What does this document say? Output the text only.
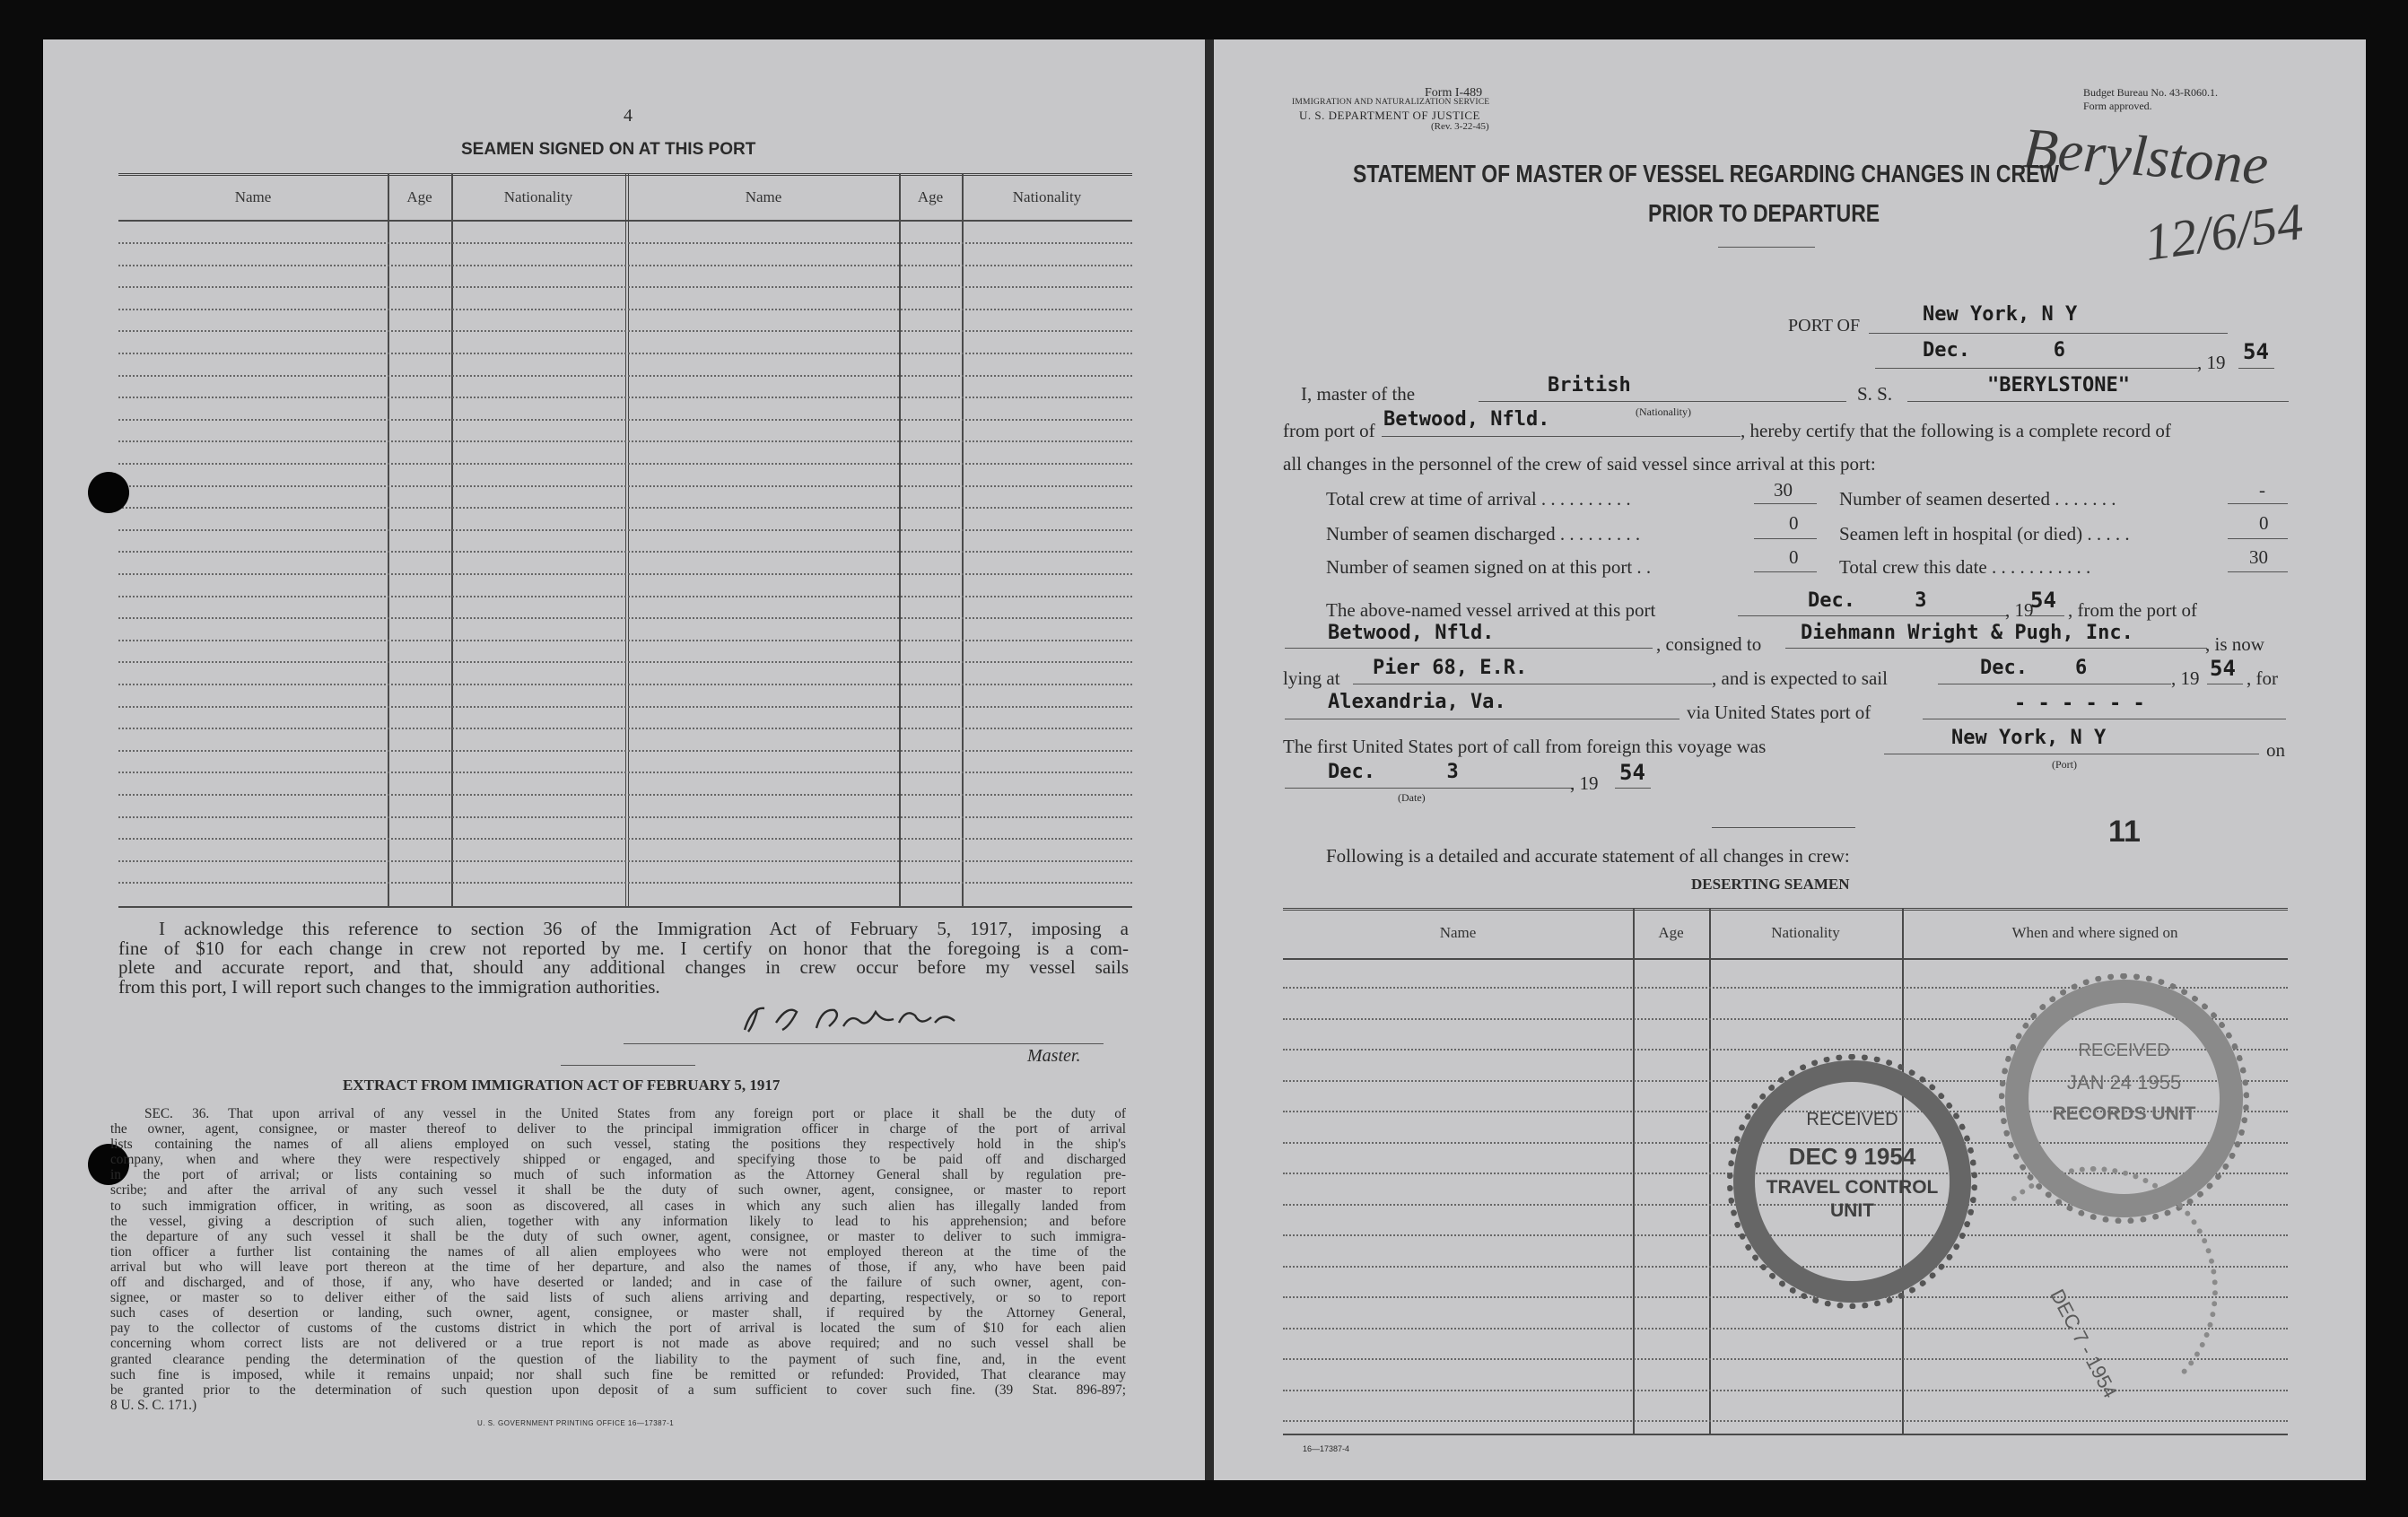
4
SEAMEN SIGNED ON AT THIS PORT
Name	Age	Nationality	Name	Age	Nationality
I acknowledge this reference to section 36 of the Immigration Act of February 5, 1917, imposing a
fine of $10 for each change in crew not reported by me. I certify on honor that the foregoing is a com-
plete and accurate report, and that, should any additional changes in crew occur before my vessel sails
from this port, I will report such changes to the immigration authorities.
Master.
EXTRACT FROM IMMIGRATION ACT OF FEBRUARY 5, 1917
SEC. 36. That upon arrival of any vessel in the United States from any foreign port or place it shall be the duty of
the owner, agent, consignee, or master thereof to deliver to the principal immigration officer in charge of the port of arrival
lists containing the names of all aliens employed on such vessel, stating the positions they respectively hold in the ship's
company, when and where they were respectively shipped or engaged, and specifying those to be paid off and discharged
in the port of arrival; or lists containing so much of such information as the Attorney General shall by regulation pre-
scribe; and after the arrival of any such vessel it shall be the duty of such owner, agent, consignee, or master to report
to such immigration officer, in writing, as soon as discovered, all cases in which any such alien has illegally landed from
the vessel, giving a description of such alien, together with any information likely to lead to his apprehension; and before
the departure of any such vessel it shall be the duty of such owner, agent, consignee, or master to deliver to such immigra-
tion officer a further list containing the names of all alien employees who were not employed thereon at the time of the
arrival but who will leave port thereon at the time of her departure, and also the names of those, if any, who have been paid
off and discharged, and of those, if any, who have deserted or landed; and in case of the failure of such owner, agent, con-
signee, or master so to deliver either of the said lists of such aliens arriving and departing, respectively, or so to report
such cases of desertion or landing, such owner, agent, consignee, or master shall, if required by the Attorney General,
pay to the collector of customs of the customs district in which the port of arrival is located the sum of $10 for each alien
concerning whom correct lists are not delivered or a true report is not made as above required; and no such vessel shall be
granted clearance pending the determination of the question of the liability to the payment of such fine, and, in the event
such fine is imposed, while it remains unpaid; nor shall such fine be remitted or refunded: Provided, That clearance may
be granted prior to the determination of such question upon deposit of a sum sufficient to cover such fine. (39 Stat. 896-897;
8 U. S. C. 171.)
U. S. GOVERNMENT PRINTING OFFICE 16—17387-1
Form I-489
IMMIGRATION AND NATURALIZATION SERVICE
U. S. DEPARTMENT OF JUSTICE
(Rev. 3-22-45)
Budget Bureau No. 43-R060.1.
Form approved.
Berylstone
12/6/54
STATEMENT OF MASTER OF VESSEL REGARDING CHANGES IN CREW
PRIOR TO DEPARTURE
PORT OF	New York, N Y
Dec.       6
, 19 54
I, master of the	British	S. S.	"BERYLSTONE"
from port of Betwood, Nfld.	(Nationality)
, hereby certify that the following is a complete record of
all changes in the personnel of the crew of said vessel since arrival at this port:
Total crew at time of arrival . . . . . . . . . .	30 Number of seamen deserted . . . . . . .	-
Number of seamen discharged . . . . . . . . .	0 Seamen left in hospital (or died) . . . . .	0
Number of seamen signed on at this port . .	0 Total crew this date . . . . . . . . . . .	30
The above-named vessel arrived at this port	Dec.     3	, 19
54 , from the port of
Betwood, Nfld.	, consigned to Diehmann Wright & Pugh, Inc.	, is now
lying at Pier 68, E.R.	, and is expected to sail	Dec.    6	, 19 54 , for
Alexandria, Va.	via United States port of	- - - - - -
The first United States port of call from foreign this voyage was	New York, N Y
(Port)
on
Dec.      3
(Date)
, 19 54
11
Following is a detailed and accurate statement of all changes in crew:
DESERTING SEAMEN
Name	Age	Nationality	When and where signed on
16—17387-4
RECEIVED
DEC 9 1954
TRAVEL CONTROL
UNIT
RECEIVED
JAN 24 1955
RECORDS UNIT
DEC 7 - 1954
